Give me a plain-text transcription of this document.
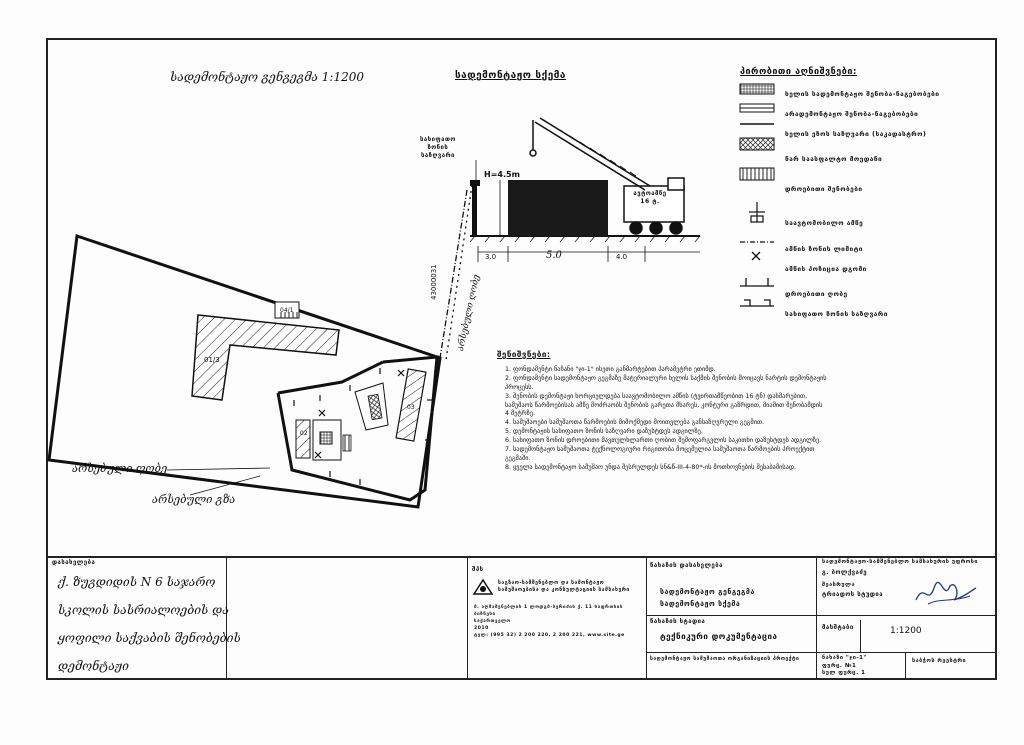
სადემონტაჟო გენგეგმა 1:1200	სადემონტაჟო სქემა
სახიფათო
ზონის
საზღვარი
H=4.5m
ავტოამწე
16 ტ.
3.0	5.0	4.0
43000031 არსებული ღობე
არსებული ღობე
არსებული გზა
04/1
01/3
02
03
პირობითი აღნიშვნები:
ხელის სადემონტაჟო შენობა-ნაგებობები
არადემონტაჟო შენობა-ნაგებობები
ხელის ეზოს საზღვარი (საკადასტრო)
ნარ საასფალტო მოედანი
დროებითი შენობები
საავტომობილო ამწე
ამწის ზონის ლიმიტი
ამწის პოზიცია დგომი
დროებითი ღობე
სახიფათო ზონის საზღვარი
შენიშვნები:
1. ფონდამენტი ნაჩანი "ჯი-1" ისეთი განმარტებით პარამეტრი ეთიმდ.
2. ფონდამენტი სადემონტაჟო გეგმაზე მატერიალური ხელის საქმის შენობის მოიცავს ნარტის დემონტაჟის პროცესს.
3. შენობის დემონტაჟი ხორციელდება საავტომობილო ამწის (ტვირთამწეობით 16 ტნ) დახმარებით, სამუშაოს წარმოებისას ამწე მოძრაობს შენობის გარეთა მხარეს, კონტური გაზრდით, მიამით შენობამდის 4 მეტრზე.
4. სამუშაოები სამუშაოთა წარმოების მიმოქმედი მოითვლება განსაზღვრული გეგმით.
5. დემონტაჟის სახიფათო ზონის საზღვარი დაზუსტდეს ადგილზე.
6. სახიფათო ზონის დროებითი მავთულხლართი ღობით შემოფარგვლის საკითხი დაზუსტდეს ადგილზე.
7. სადემონტაჟო სამუშაოთა ტექნოლოგიური რიგითობა მოცემულია სამუშაოთა წარმოების პროექტით გეგმაში.
8. ყველა სადემონტაჟო სამუშაო უნდა შესრულდეს სნ&წ-III-4-80*-ის მოთხოვნების შესაბამისად.
დასახელება
ქ. ზუგდიდის N 6 საჯარო
სკოლის სასრიალოების და
ყოფილი საქვაბის შენობების
დემონტაჟი
შპს
საგზაო-სამშენებლო და სამონტაჟო
სამუშაოებისა და კონსულტაციის სამსახური
მ. აღმაშენებლის 1 ლოდგმ-ბერიძის ქ. 11 საფრთხის
ბიზნესი
საქართველო
2010
ტელ: (995 32) 2 200 220, 2 200 221, www.site.ge
ნახაზის დასახელება
სადემონტაჟო გენგეგმა
სადემონტაჟო სქემა
ნახაზის სტადია
ტექნიკური დოკუმენტაცია
სადემონტაჟო სამუშაოთა ორგანიზაციის პროექტი
სადემონტაჟო-სამშენებლო სამსახურის უფროსი
გ. ბოლქვაძე
შეასრულა
ტრიადოს სტუდია
მასშტაბი	1:1200
ნახაზი "ჯი-1"
ფურც. №1
სულ ფურც. 1
საბჭოს რეესტრი
